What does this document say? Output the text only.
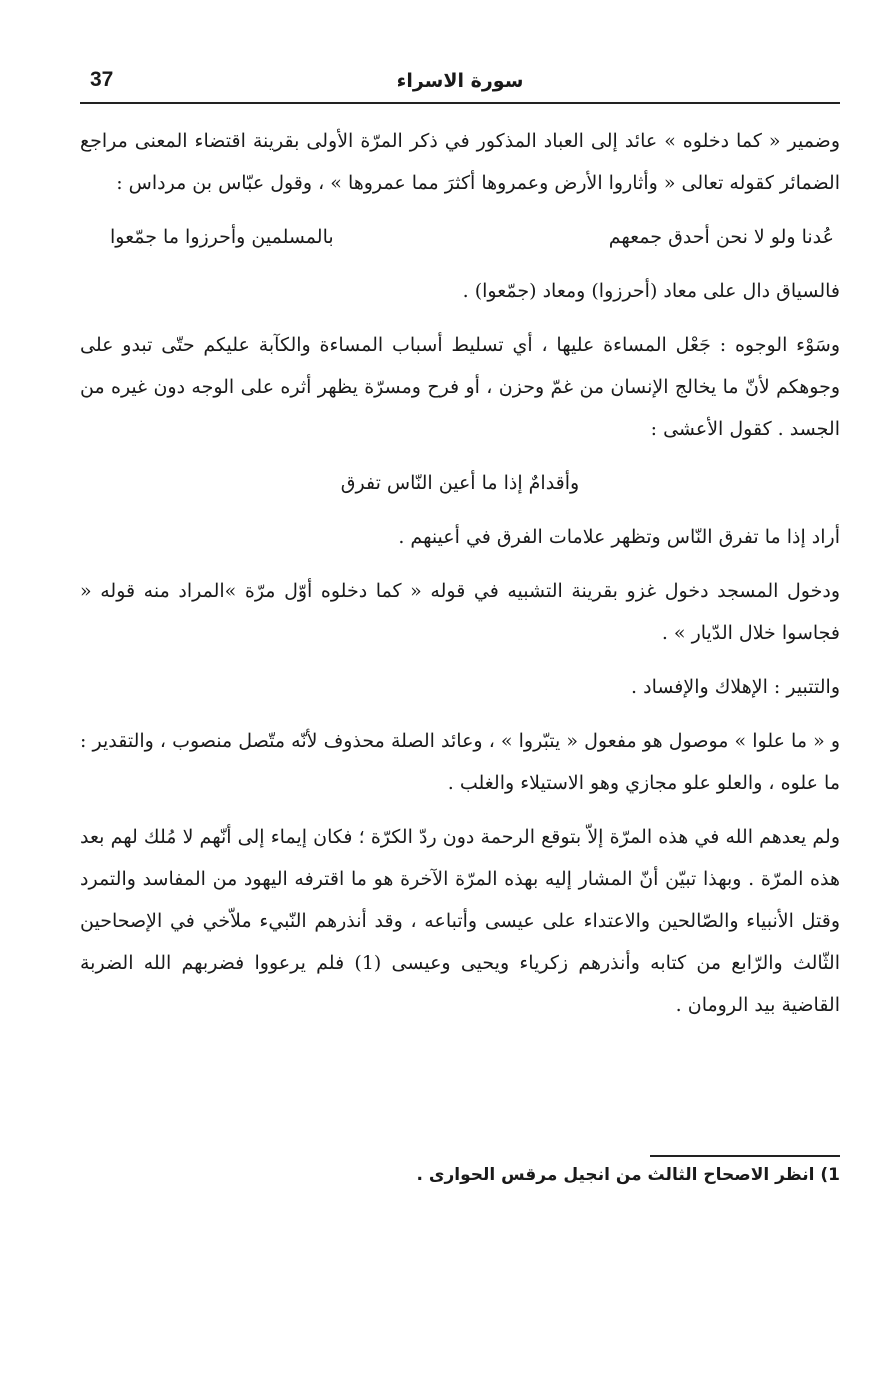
37	سورة الاسراء

وضمير « كما دخلوه » عائد إلى العباد المذكور في ذكر المرّة الأولى بقرينة اقتضاء المعنى مراجع الضمائر كقوله تعالى « وأثاروا الأرض وعمروها أكثرَ مما عمروها » ، وقول عبّاس بن مرداس :

عُدنا ولو لا نحن أحدق جمعهم
بالمسلمين وأحرزوا ما جمّعوا

فالسياق دال على معاد (أحرزوا) ومعاد (جمّعوا) .

وسَوْء الوجوه : جَعْل المساءة عليها ، أي تسليط أسباب المساءة والكآبة عليكم حتّى تبدو على وجوهكم لأنّ ما يخالج الإنسان من غمّ وحزن ، أو فرح ومسرّة يظهر أثره على الوجه دون غيره من الجسد . كقول الأعشى :

وأقدامٌ إذا ما أعين النّاس تفرق

أراد إذا ما تفرق النّاس وتظهر علامات الفرق في أعينهم .

ودخول المسجد دخول غزو بقرينة التشبيه في قوله « كما دخلوه أوّل مرّة »المراد منه قوله « فجاسوا خلال الدّيار » .

والتتبير : الإهلاك والإفساد .

و « ما علوا » موصول هو مفعول « يتبّروا » ، وعائد الصلة محذوف لأنّه متّصل منصوب ، والتقدير : ما علوه ، والعلو علو مجازي وهو الاستيلاء والغلب .

ولم يعدهم الله في هذه المرّة إلاّ بتوقع الرحمة دون ردّ الكرّة ؛ فكان إيماء إلى أنّهم لا مُلك لهم بعد هذه المرّة . وبهذا تبيّن أنّ المشار إليه بهذه المرّة الآخرة هو ما اقترفه اليهود من المفاسد والتمرد وقتل الأنبياء والصّالحين والاعتداء على عيسى وأتباعه ، وقد أنذرهم النّبيء ملاّخي في الإصحاحين الثّالث والرّابع من كتابه وأنذرهم زكرياء ويحيى وعيسى (1) فلم يرعووا فضربهم الله الضربة القاضية بيد الرومان .

1) انظر الاصحاح الثالث من انجيل مرقس الحوارى .
